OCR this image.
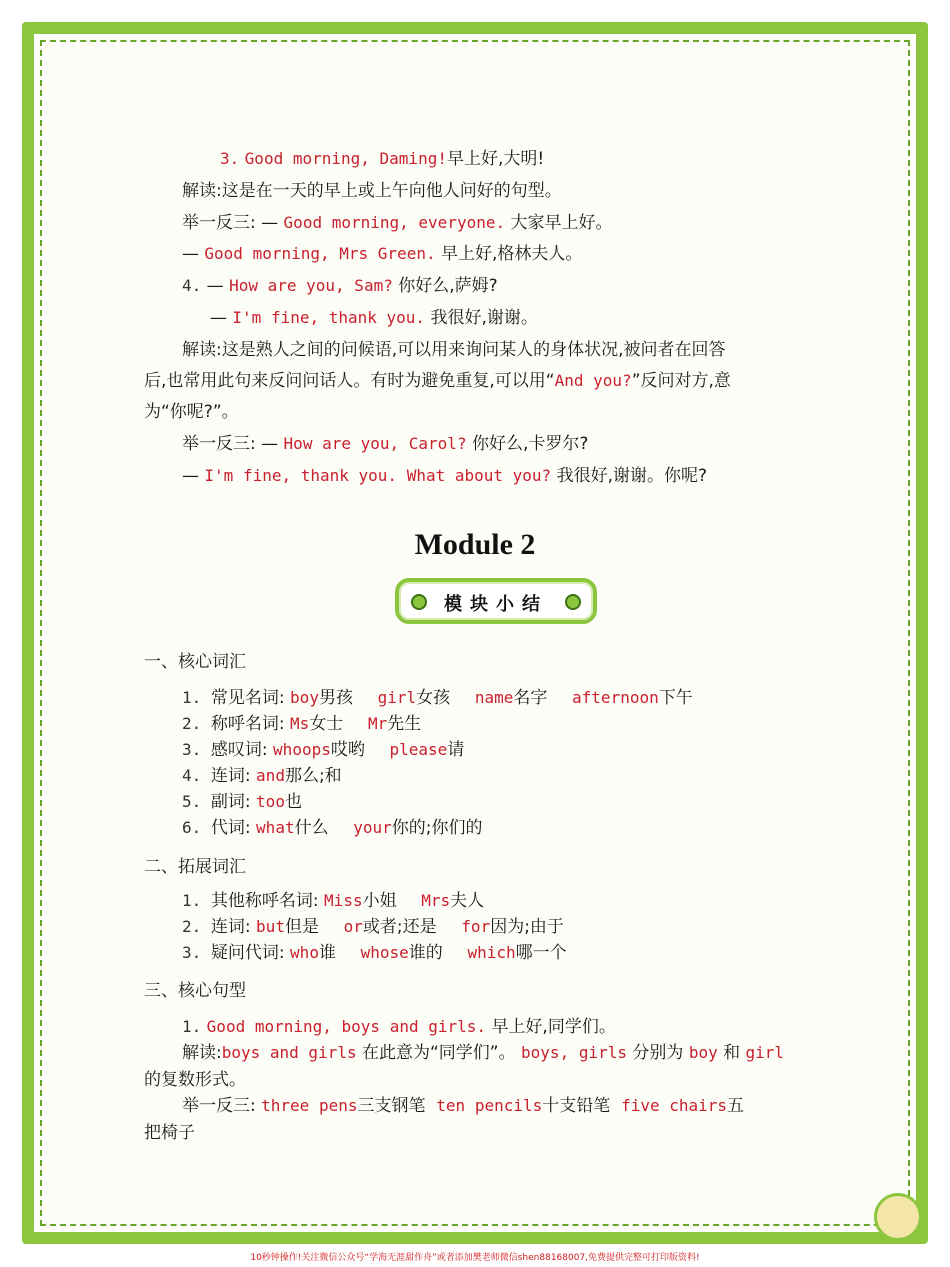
3. Good morning, Daming!早上好,大明!
解读:这是在一天的早上或上午向他人问好的句型。
举一反三: — Good morning, everyone. 大家早上好。
— Good morning, Mrs Green. 早上好,格林夫人。
4. — How are you, Sam? 你好么,萨姆?
— I'm fine, thank you. 我很好,谢谢。
解读:这是熟人之间的问候语,可以用来询问某人的身体状况,被问者在回答
后,也常用此句来反问问话人。有时为避免重复,可以用“And you?”反问对方,意
为“你呢?”。
举一反三: — How are you, Carol? 你好么,卡罗尔?
— I'm fine, thank you. What about you? 我很好,谢谢。你呢?
Module 2
模块小结
一、核心词汇
1. 常见名词: boy男孩   girl女孩   name名字   afternoon下午
2. 称呼名词: Ms女士   Mr先生
3. 感叹词: whoops哎哟   please请
4. 连词: and那么;和
5. 副词: too也
6. 代词: what什么   your你的;你们的
二、拓展词汇
1. 其他称呼名词: Miss小姐   Mrs夫人
2. 连词: but但是   or或者;还是   for因为;由于
3. 疑问代词: who谁   whose谁的   which哪一个
三、核心句型
1. Good morning, boys and girls. 早上好,同学们。
解读:boys and girls 在此意为“同学们”。 boys, girls 分别为 boy 和 girl
的复数形式。
举一反三: three pens三支钢笔 ten pencils十支铅笔 five chairs五
把椅子
10秒钟操作!关注微信公众号“学海无涯甜作舟”或者添加樊老师微信shen88168007,免费提供完整可打印版资料!
